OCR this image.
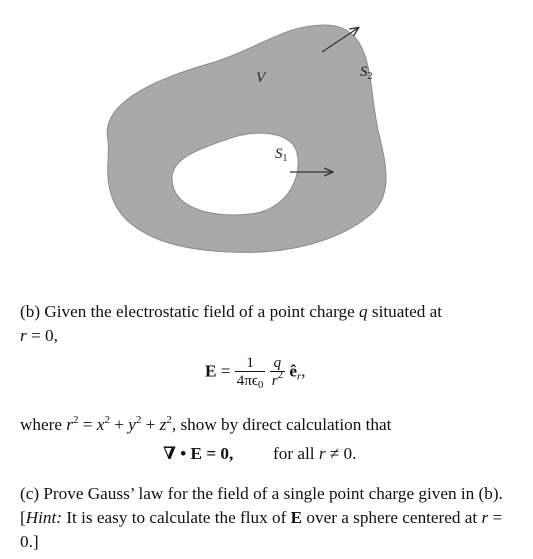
V
$S_1$
$S_2$

(b) Given the electrostatic field of a point charge q situated at
r = 0,

$E = \frac{1}{4\pi\epsilon_0}$
$\frac{q}{r^2}$ $ê_r$,

where $r^2 = x^2 + y^2 + z^2$, show by direct calculation that

∇ • E = 0, for all r ≠ 0.

(c) Prove Gauss’ law for the field of a single point charge given in (b). [Hint: It is easy to calculate the flux of E over a sphere centered at r = 0.]
